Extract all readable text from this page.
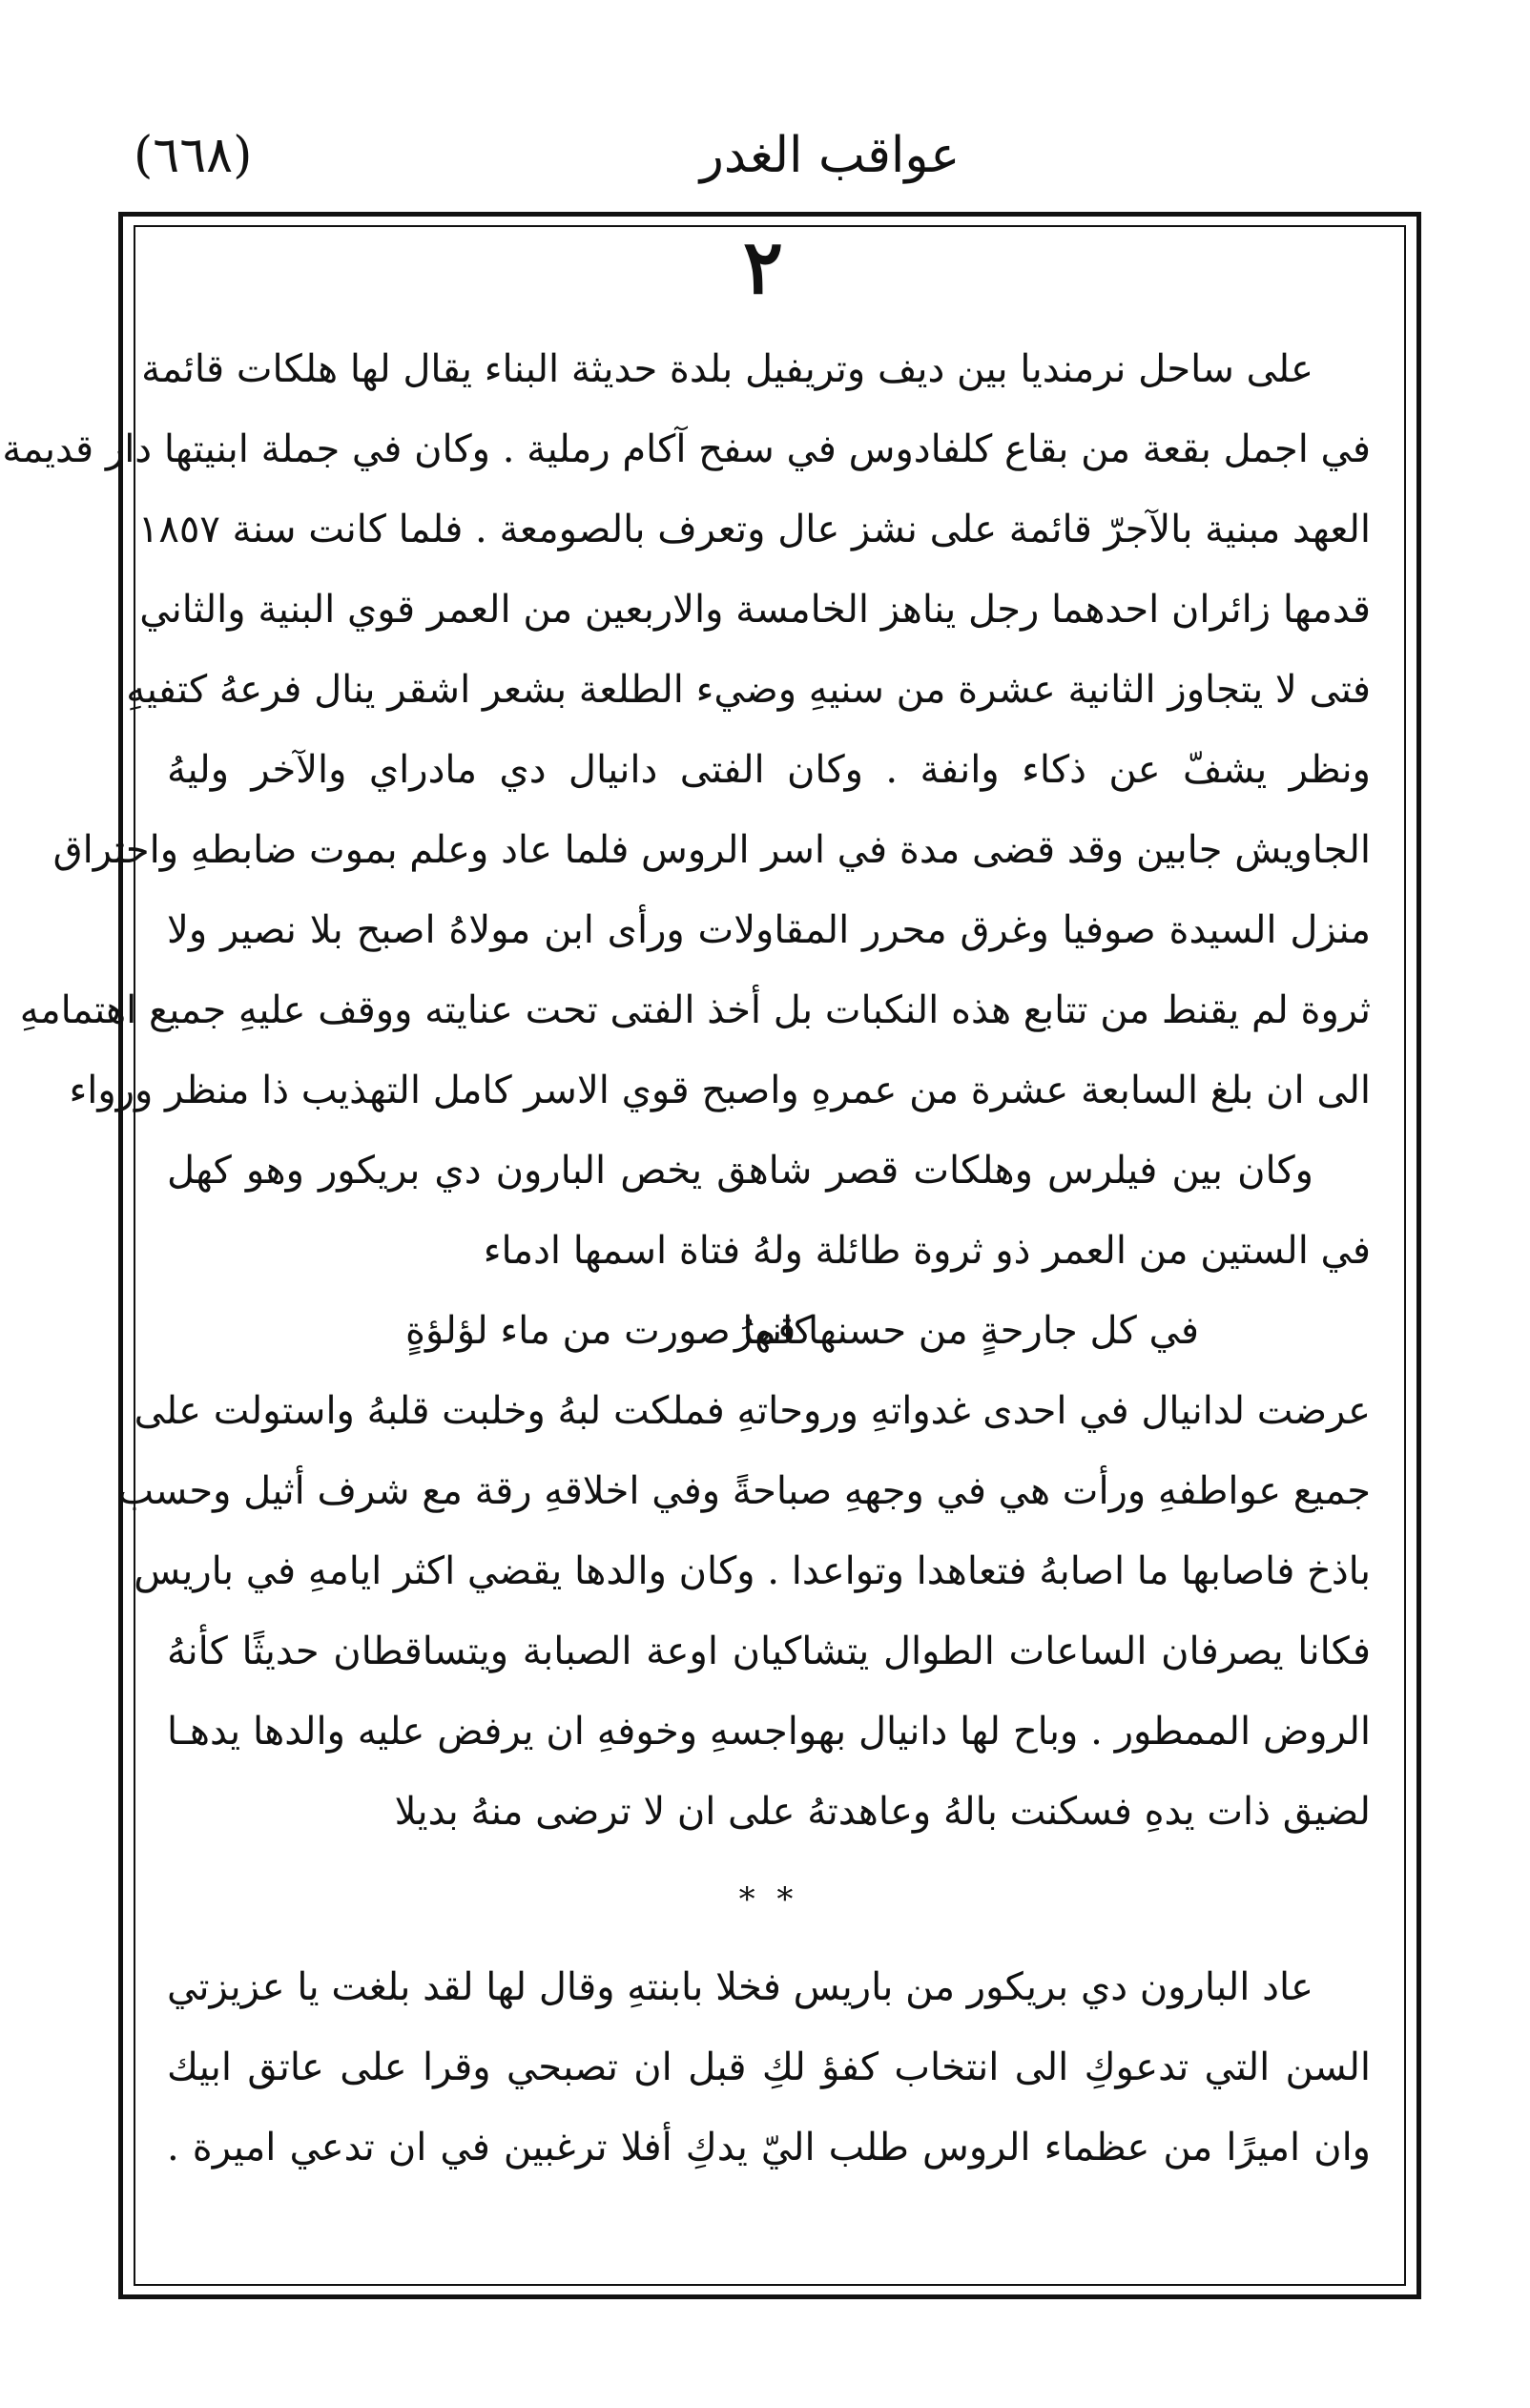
(٦٦٨)	عواقب الغدر
٢
على ساحل نرمنديا بين ديف وتريفيل بلدة حديثة البناء يقال لها هلكات قائمة
في اجمل بقعة من بقاع كلفادوس في سفح آكام رملية . وكان في جملة ابنيتها دار قديمة
العهد مبنية بالآجرّ قائمة على نشز عال وتعرف بالصومعة . فلما كانت سنة ١٨٥٧
قدمها زائران احدهما رجل يناهز الخامسة والاربعين من العمر قوي البنية والثاني
فتى لا يتجاوز الثانية عشرة من سنيهِ وضيء الطلعة بشعر اشقر ينال فرعهُ كتفيهِ
ونظر يشفّ عن ذكاء وانفة . وكان الفتى دانيال دي مادراي والآخر وليهُ
الجاويش جابين وقد قضى مدة في اسر الروس فلما عاد وعلم بموت ضابطهِ واحتراق
منزل السيدة صوفيا وغرق محرر المقاولات ورأى ابن مولاهُ اصبح بلا نصير ولا
ثروة لم يقنط من تتابع هذه النكبات بل أخذ الفتى تحت عنايته ووقف عليهِ جميع اهتمامهِ
الى ان بلغ السابعة عشرة من عمرهِ واصبح قوي الاسر كامل التهذيب ذا منظر ورواء
وكان بين فيلرس وهلكات قصر شاهق يخص البارون دي بريكور وهو كهل
في الستين من العمر ذو ثروة طائلة ولهُ فتاة اسمها ادماء
في كل جارحةٍ من حسنها قمرُ
كانها صورت من ماء لؤلؤةٍ
عرضت لدانيال في احدى غدواتهِ وروحاتهِ فملكت لبهُ وخلبت قلبهُ واستولت على
جميع عواطفهِ ورأت هي في وجههِ صباحةً وفي اخلاقهِ رقة مع شرف أثيل وحسب
باذخ فاصابها ما اصابهُ فتعاهدا وتواعدا . وكان والدها يقضي اكثر ايامهِ في باريس
فكانا يصرفان الساعات الطوال يتشاكيان اوعة الصبابة ويتساقطان حديثًا كأنهُ
الروض الممطور . وباح لها دانيال بهواجسهِ وخوفهِ ان يرفض عليه والدها يدهـا
لضيق ذات يدهِ فسكنت بالهُ وعاهدتهُ على ان لا ترضى منهُ بديلا
* *
عاد البارون دي بريكور من باريس فخلا بابنتهِ وقال لها لقد بلغت يا عزيزتي
السن التي تدعوكِ الى انتخاب كفؤ لكِ قبل ان تصبحي وقرا على عاتق ابيك
وان اميرًا من عظماء الروس طلب اليّ يدكِ أفلا ترغبين في ان تدعي اميرة .
